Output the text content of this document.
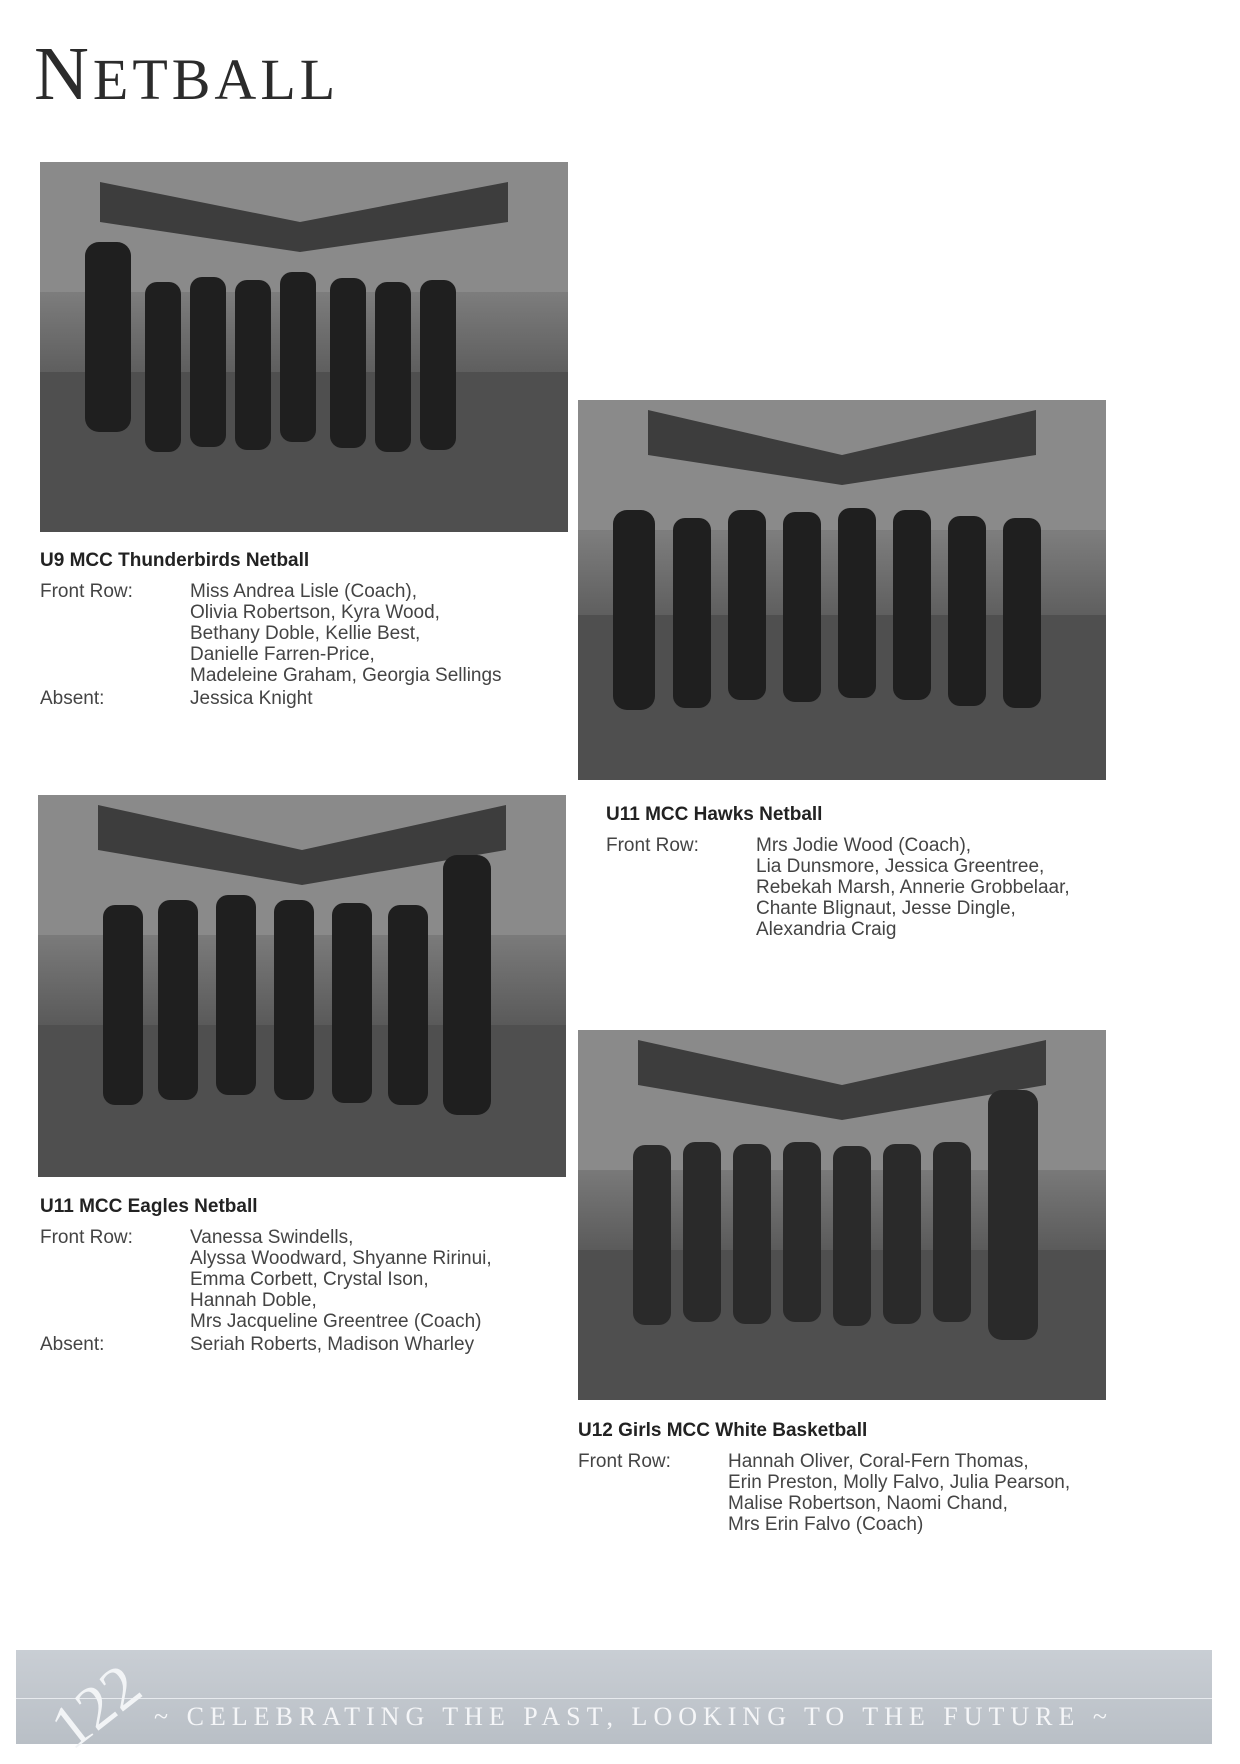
NETBALL
U9 MCC Thunderbirds Netball
Front Row:	Miss Andrea Lisle (Coach),
Olivia Robertson, Kyra Wood,
Bethany Doble, Kellie Best,
Danielle Farren-Price,
Madeleine Graham, Georgia Sellings
Absent:	Jessica Knight
U11 MCC Hawks Netball
Front Row:	Mrs Jodie Wood (Coach),
Lia Dunsmore, Jessica Greentree,
Rebekah Marsh, Annerie Grobbelaar,
Chante Blignaut, Jesse Dingle,
Alexandria Craig
U11 MCC Eagles Netball
Front Row:	Vanessa Swindells,
Alyssa Woodward, Shyanne Ririnui,
Emma Corbett, Crystal Ison,
Hannah Doble,
Mrs Jacqueline Greentree (Coach)
Absent:	Seriah Roberts, Madison Wharley
U12 Girls MCC White Basketball
Front Row:	Hannah Oliver, Coral-Fern Thomas,
Erin Preston, Molly Falvo, Julia Pearson,
Malise Robertson, Naomi Chand,
Mrs Erin Falvo (Coach)
122 ~ CELEBRATING THE PAST, LOOKING TO THE FUTURE ~
